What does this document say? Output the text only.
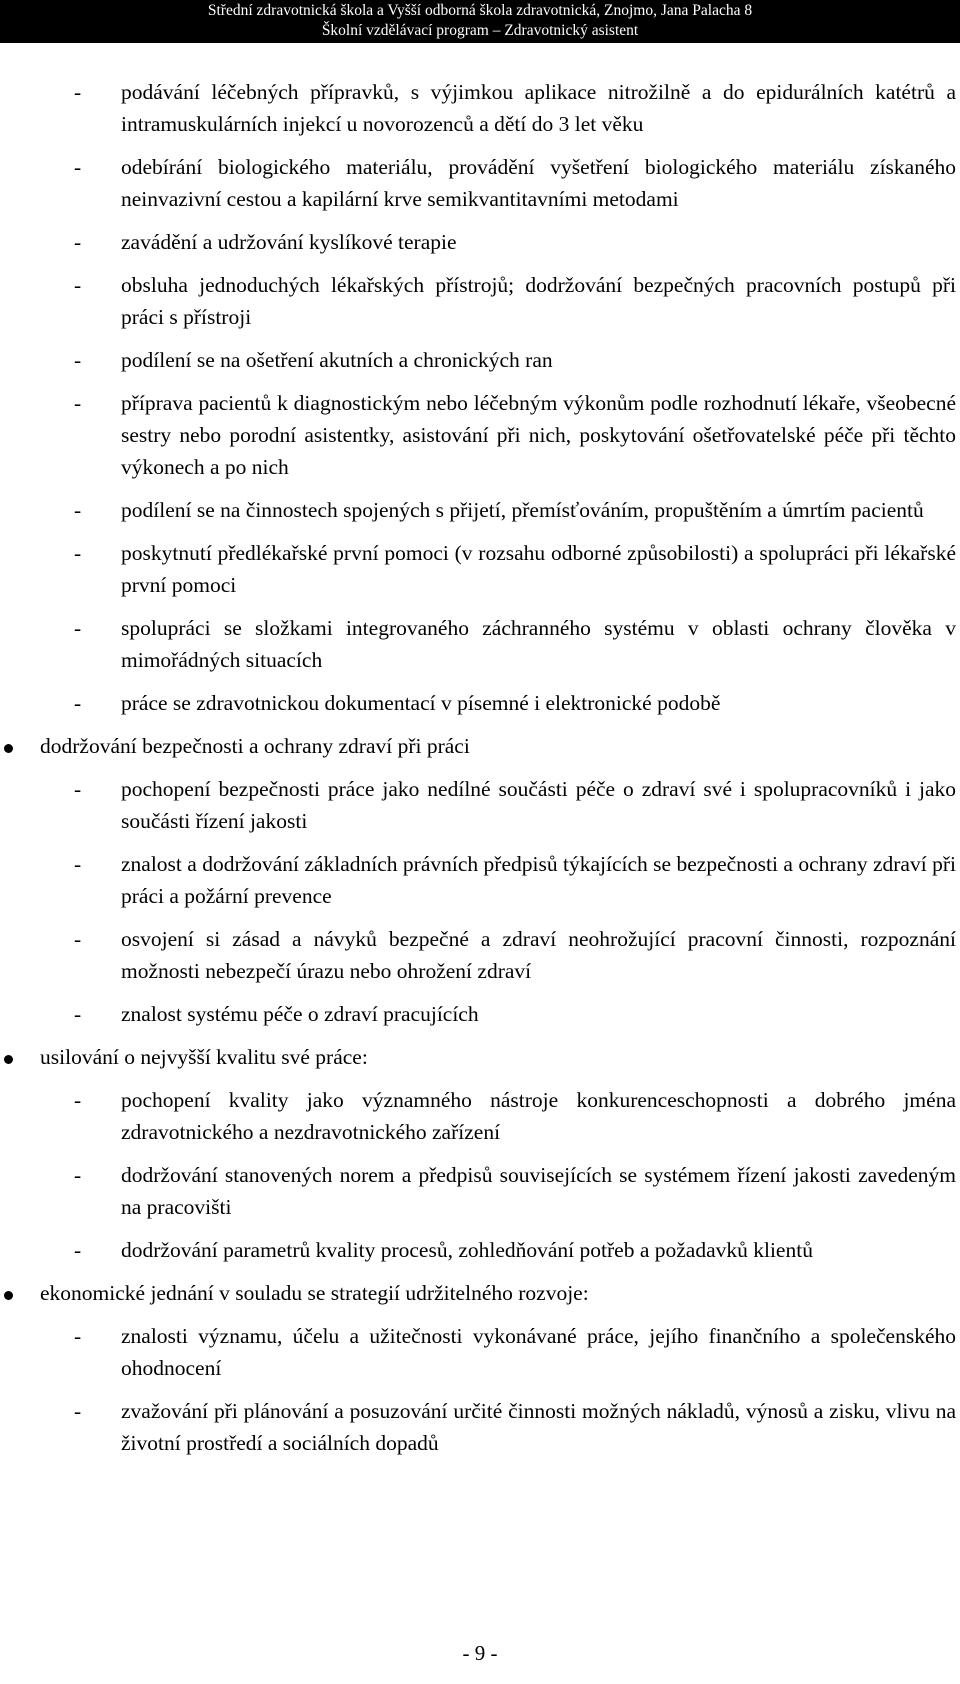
Střední zdravotnická škola a Vyšší odborná škola zdravotnická, Znojmo, Jana Palacha 8
Školní vzdělávací program – Zdravotnický asistent
- podávání léčebných přípravků, s výjimkou aplikace nitrožilně a do epidurálních katétrů a intramuskulárních injekcí u novorozenců a dětí do 3 let věku
- odebírání biologického materiálu, provádění vyšetření biologického materiálu získaného neinvazivní cestou a kapilární krve semikvantitavními metodami
- zavádění a udržování kyslíkové terapie
- obsluha jednoduchých lékařských přístrojů; dodržování bezpečných pracovních postupů při práci s přístroji
- podílení se na ošetření akutních a chronických ran
- příprava pacientů k diagnostickým nebo léčebným výkonům podle rozhodnutí lékaře, všeobecné sestry nebo porodní asistentky, asistování při nich, poskytování ošetřovatelské péče při těchto výkonech a po nich
- podílení se na činnostech spojených s přijetí, přemísťováním, propuštěním a úmrtím pacientů
- poskytnutí předlékařské první pomoci (v rozsahu odborné způsobilosti) a spolupráci při lékařské první pomoci
- spolupráci se složkami integrovaného záchranného systému v oblasti ochrany člověka v mimořádných situacích
- práce se zdravotnickou dokumentací v písemné i elektronické podobě
dodržování bezpečnosti a ochrany zdraví při práci
- pochopení bezpečnosti práce jako nedílné součásti péče o zdraví své i spolupracovníků i jako součásti řízení jakosti
- znalost a dodržování základních právních předpisů týkajících se bezpečnosti a ochrany zdraví při práci a požární prevence
- osvojení si zásad a návyků bezpečné a zdraví neohrožující pracovní činnosti, rozpoznání možnosti nebezpečí úrazu nebo ohrožení zdraví
- znalost systému péče o zdraví pracujících
usilování o nejvyšší kvalitu své práce:
- pochopení kvality jako významného nástroje konkurenceschopnosti a dobrého jména zdravotnického a nezdravotnického zařízení
- dodržování stanovených norem a předpisů souvisejících se systémem řízení jakosti zavedeným na pracovišti
- dodržování parametrů kvality procesů, zohledňování potřeb a požadavků klientů
ekonomické jednání v souladu se strategií udržitelného rozvoje:
- znalosti významu, účelu a užitečnosti vykonávané práce, jejího finančního a společenského ohodnocení
- zvažování při plánování a posuzování určité činnosti možných nákladů, výnosů a zisku, vlivu na životní prostředí a sociálních dopadů
- 9 -
